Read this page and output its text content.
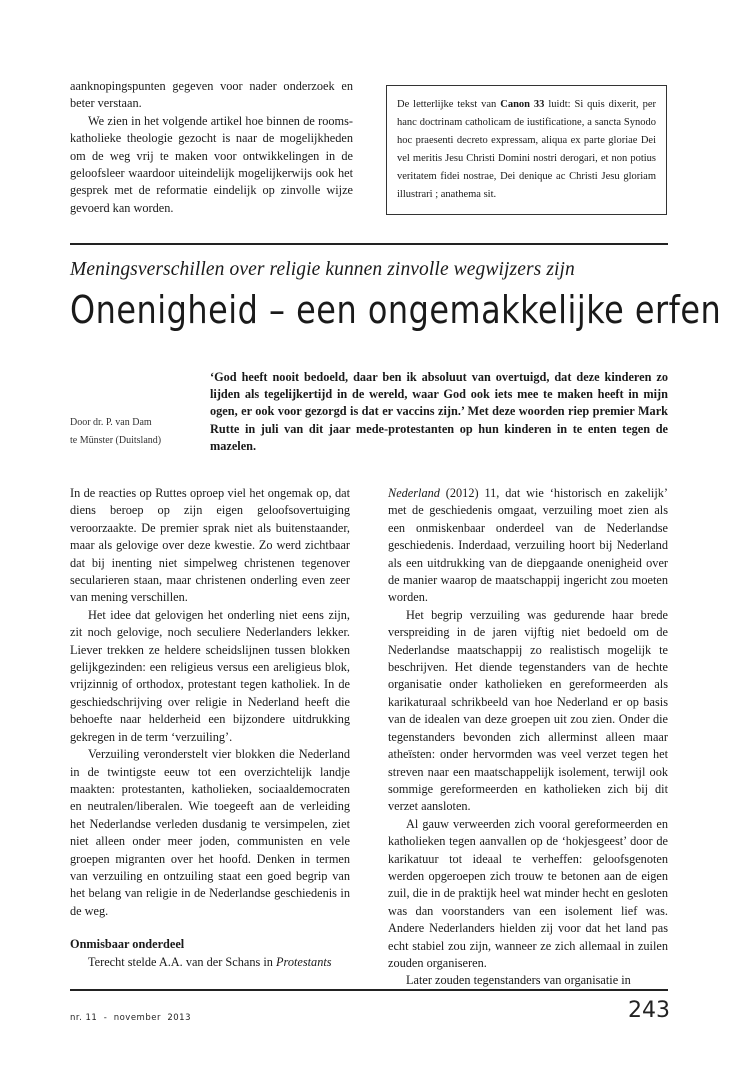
aanknopingspunten gegeven voor nader onderzoek en beter verstaan.

We zien in het volgende artikel hoe binnen de rooms-katholieke theologie gezocht is naar de mogelijkheden om de weg vrij te maken voor ontwikkelingen in de geloofsleer waardoor uiteindelijk mogelijkerwijs ook het gesprek met de reformatie eindelijk op zinvolle wijze gevoerd kan worden.

De letterlijke tekst van Canon 33 luidt: Si quis dixerit, per hanc doctrinam catholicam de iustificatione, a sancta Synodo hoc praesenti decreto expressam, aliqua ex parte gloriae Dei vel meritis Jesu Christi Domini nostri derogari, et non potius veritatem fidei nostrae, Dei denique ac Christi Jesu gloriam illustrari ; anathema sit.
Meningsverschillen over religie kunnen zinvolle wegwijzers zijn
Onenigheid – een ongemakkelijke erfen
Door dr. P. van Dam
te Münster (Duitsland)
‘God heeft nooit bedoeld, daar ben ik absoluut van overtuigd, dat deze kinderen zo lijden als tegelijkertijd in de wereld, waar God ook iets mee te maken heeft in mijn ogen, er ook voor gezorgd is dat er vaccins zijn.’ Met deze woorden riep premier Mark Rutte in juli van dit jaar mede-protestanten op hun kinderen in te enten tegen de mazelen.

In de reacties op Ruttes oproep viel het ongemak op, dat diens beroep op zijn eigen geloofsovertuiging veroorzaakte. De premier sprak niet als buitenstaander, maar als gelovige over deze kwestie. Zo werd zichtbaar dat bij inenting niet simpelweg christenen tegenover secularieren staan, maar christenen onderling even zeer van mening verschillen.

Het idee dat gelovigen het onderling niet eens zijn, zit noch gelovige, noch seculiere Nederlanders lekker. Liever trekken ze heldere scheidslijnen tussen blokken gelijkgezinden: een religieus versus een areligieus blok, vrijzinnig of orthodox, protestant tegen katholiek. In de geschiedschrijving over religie in Nederland heeft die behoefte naar helderheid een bijzondere uitdrukking gekregen in de term ‘verzuiling’.

Verzuiling veronderstelt vier blokken die Nederland in de twintigste eeuw tot een overzichtelijk landje maakten: protestanten, katholieken, sociaaldemocraten en neutralen/liberalen. Wie toegeeft aan de verleiding het Nederlandse verleden dusdanig te versimpelen, ziet niet alleen onder meer joden, communisten en vele groepen migranten over het hoofd. Denken in termen van verzuiling en ontzuiling staat een goed begrip van het belang van religie in de Nederlandse geschiedenis in de weg.

Onmisbaar onderdeel

Terecht stelde A.A. van der Schans in Protestants

Nederland (2012) 11, dat wie ‘historisch en zakelijk’ met de geschiedenis omgaat, verzuiling moet zien als een onmiskenbaar onderdeel van de Nederlandse geschiedenis. Inderdaad, verzuiling hoort bij Nederland als een uitdrukking van de diepgaande onenigheid over de manier waarop de maatschappij ingericht zou moeten worden.

Het begrip verzuiling was gedurende haar brede verspreiding in de jaren vijftig niet bedoeld om de Nederlandse maatschappij zo realistisch mogelijk te beschrijven. Het diende tegenstanders van de hechte organisatie onder katholieken en gereformeerden als karikaturaal schrikbeeld van hoe Nederland er op basis van de idealen van deze groepen uit zou zien. Onder die tegenstanders bevonden zich allerminst alleen maar atheïsten: onder hervormden was veel verzet tegen het streven naar een maatschappelijk isolement, terwijl ook sommige gereformeerden en katholieken zich bij dit verzet aansloten.

Al gauw verweerden zich vooral gereformeerden en katholieken tegen aanvallen op de ‘hokjesgeest’ door de karikatuur tot ideaal te verheffen: geloofsgenoten werden opgeroepen zich trouw te betonen aan de eigen zuil, die in de praktijk heel wat minder hecht en gesloten was dan voorstanders van een isolement lief was. Andere Nederlanders hielden zij voor dat het land pas echt stabiel zou zijn, wanneer ze zich allemaal in zuilen zouden organiseren.

Later zouden tegenstanders van organisatie in

nr. 11  -  november  2013	243
